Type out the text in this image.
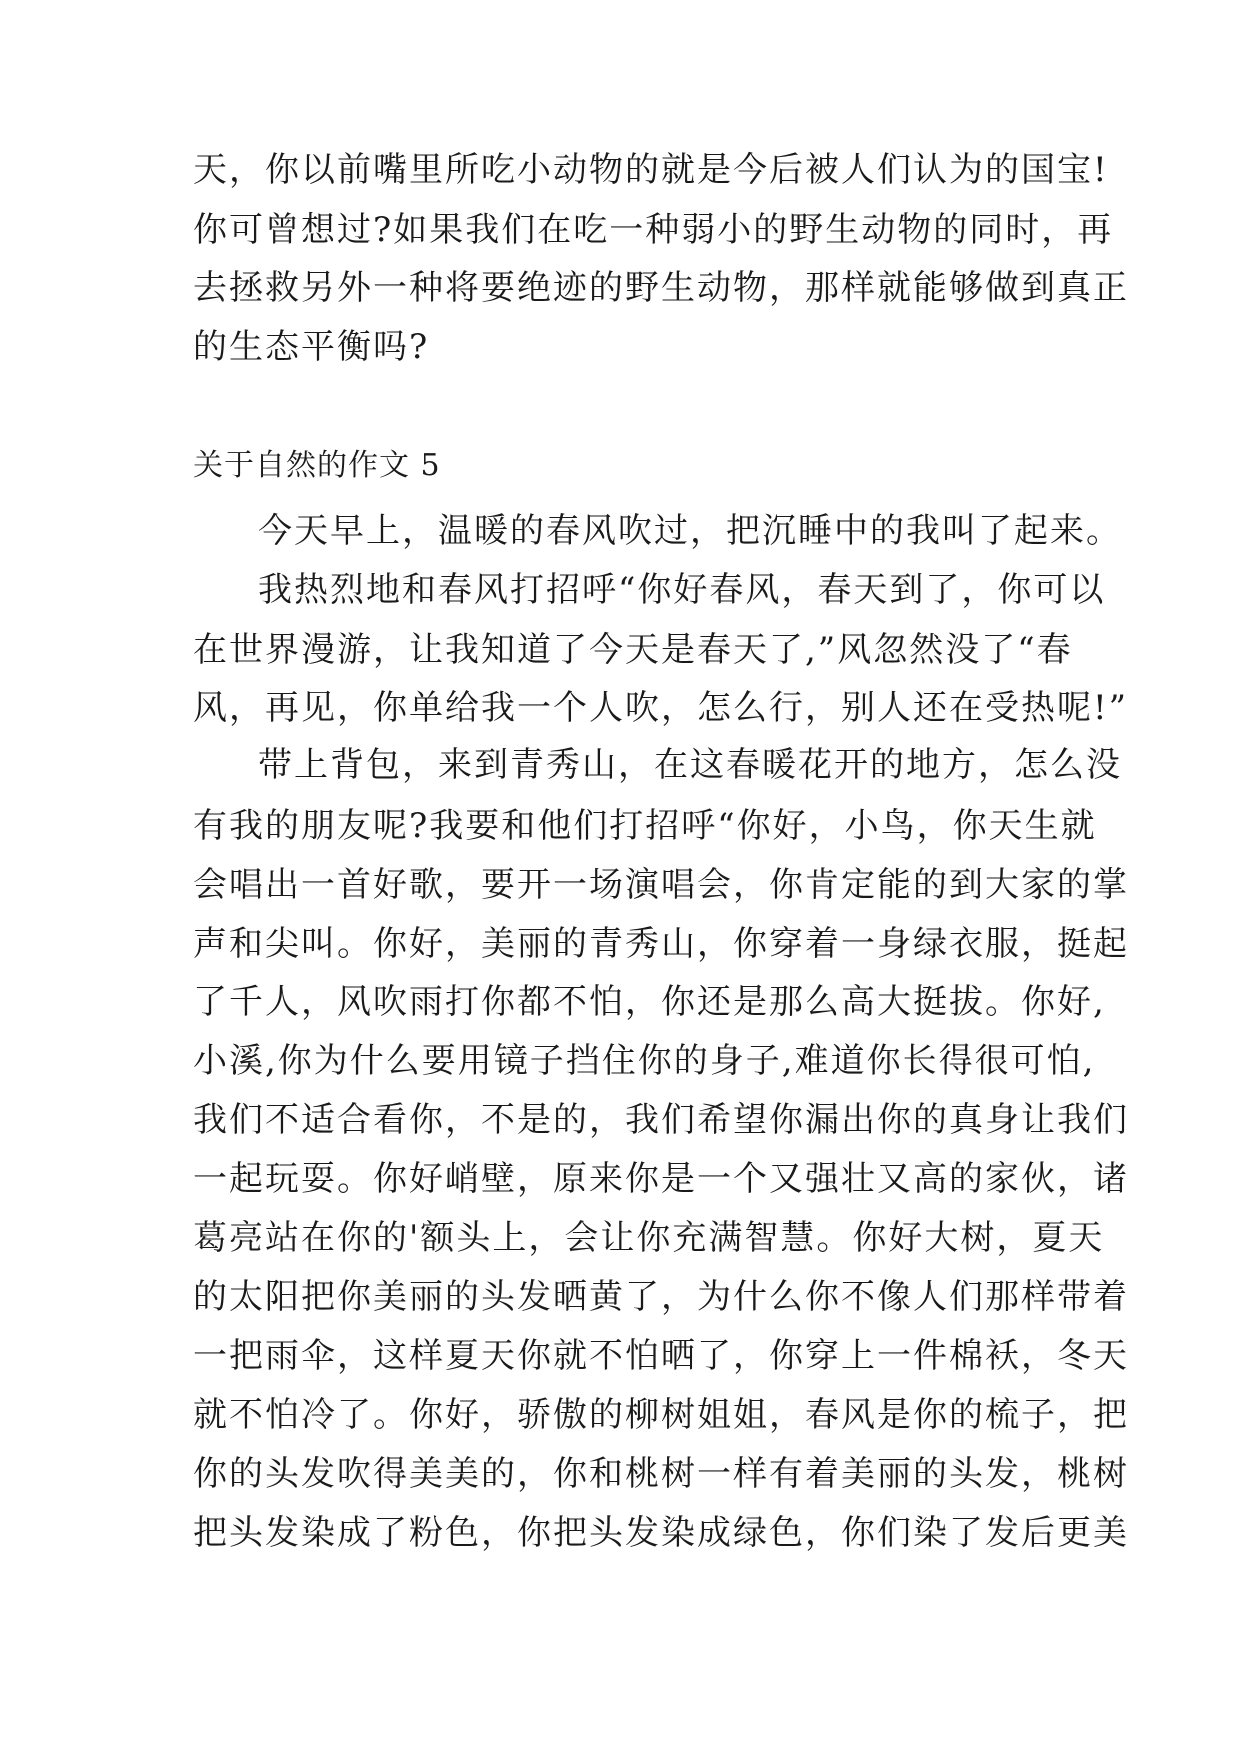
天，你以前嘴里所吃小动物的就是今后被人们认为的国宝!
你可曾想过?如果我们在吃一种弱小的野生动物的同时，再
去拯救另外一种将要绝迹的野生动物，那样就能够做到真正
的生态平衡吗?
关于自然的作文 5
今天早上，温暖的春风吹过，把沉睡中的我叫了起来。
我热烈地和春风打招呼“你好春风，春天到了，你可以
在世界漫游，让我知道了今天是春天了,”风忽然没了“春
风，再见，你单给我一个人吹，怎么行，别人还在受热呢!”
带上背包，来到青秀山，在这春暖花开的地方，怎么没
有我的朋友呢?我要和他们打招呼“你好，小鸟，你天生就
会唱出一首好歌，要开一场演唱会，你肯定能的到大家的掌
声和尖叫。你好，美丽的青秀山，你穿着一身绿衣服，挺起
了千人，风吹雨打你都不怕，你还是那么高大挺拔。你好,
小溪,你为什么要用镜子挡住你的身子,难道你长得很可怕,
我们不适合看你，不是的，我们希望你漏出你的真身让我们
一起玩耍。你好峭壁，原来你是一个又强壮又高的家伙，诸
葛亮站在你的'额头上，会让你充满智慧。你好大树，夏天
的太阳把你美丽的头发晒黄了，为什么你不像人们那样带着
一把雨伞，这样夏天你就不怕晒了，你穿上一件棉袄，冬天
就不怕冷了。你好，骄傲的柳树姐姐，春风是你的梳子，把
你的头发吹得美美的，你和桃树一样有着美丽的头发，桃树
把头发染成了粉色，你把头发染成绿色，你们染了发后更美
